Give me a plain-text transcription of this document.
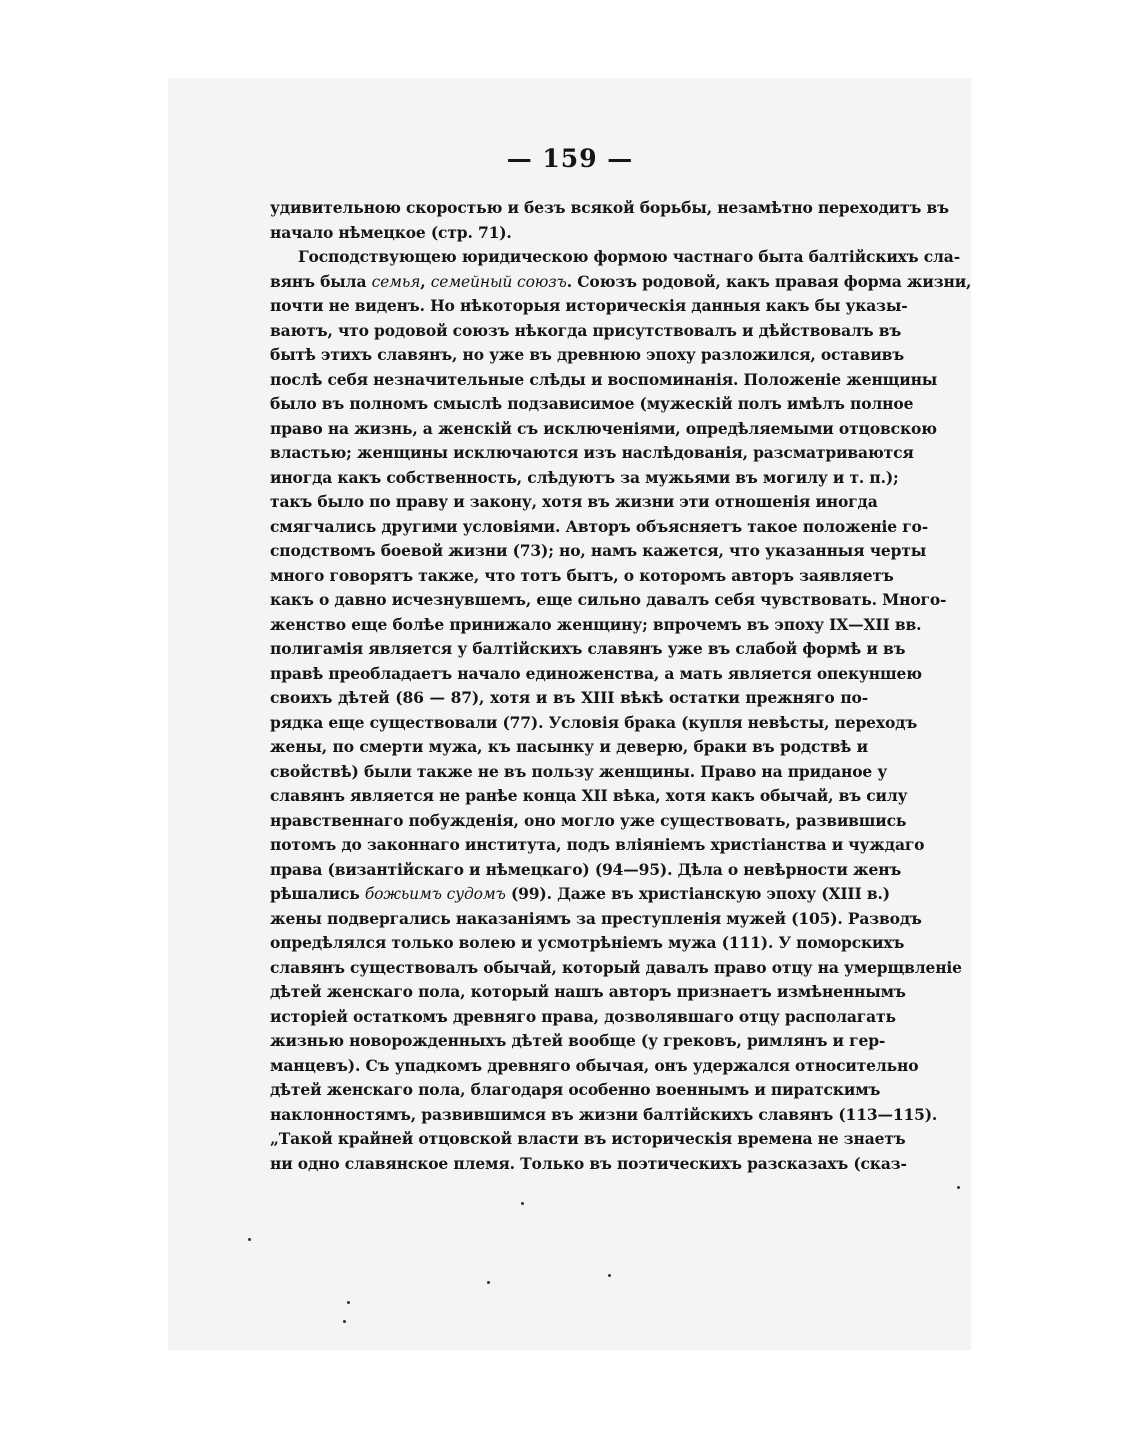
— 159 —
удивительною скоростью и безъ всякой борьбы, незамѣтно переходитъ въ
начало нѣмецкое (стр. 71).
Господствующею юридическою формою частнаго быта балтійскихъ сла-
вянъ была семья, семейный союзъ. Союзъ родовой, какъ правая форма жизни,
почти не виденъ. Но нѣкоторыя историческія данныя какъ бы указы-
ваютъ, что родовой союзъ нѣкогда присутствовалъ и дѣйствовалъ въ
бытѣ этихъ славянъ, но уже въ древнюю эпоху разложился, оставивъ
послѣ себя незначительные слѣды и воспоминанія. Положеніе женщины
было въ полномъ смыслѣ подзависимое (мужескій полъ имѣлъ полное
право на жизнь, а женскій съ исключеніями, опредѣляемыми отцовскою
властью; женщины исключаются изъ наслѣдованія, разсматриваются
иногда какъ собственность, слѣдуютъ за мужьями въ могилу и т. п.);
такъ было по праву и закону, хотя въ жизни эти отношенія иногда
смягчались другими условіями. Авторъ объясняетъ такое положеніе го-
сподствомъ боевой жизни (73); но, намъ кажется, что указанныя черты
много говорятъ также, что тотъ бытъ, о которомъ авторъ заявляетъ
какъ о давно исчезнувшемъ, еще сильно давалъ себя чувствовать. Много-
женство еще болѣе принижало женщину; впрочемъ въ эпоху IX—XII вв.
полигамія является у балтійскихъ славянъ уже въ слабой формѣ и въ
правѣ преобладаетъ начало единоженства, а мать является опекуншею
своихъ дѣтей (86 — 87), хотя и въ XIII вѣкѣ остатки прежняго по-
рядка еще существовали (77). Условія брака (купля невѣсты, переходъ
жены, по смерти мужа, къ пасынку и деверю, браки въ родствѣ и
свойствѣ) были также не въ пользу женщины. Право на приданое у
славянъ является не ранѣе конца XII вѣка, хотя какъ обычай, въ силу
нравственнаго побужденія, оно могло уже существовать, развившись
потомъ до законнаго института, подъ вліяніемъ христіанства и чуждаго
права (византійскаго и нѣмецкаго) (94—95). Дѣла о невѣрности женъ
рѣшались божьимъ судомъ (99). Даже въ христіанскую эпоху (XIII в.)
жены подвергались наказаніямъ за преступленія мужей (105). Разводъ
опредѣлялся только волею и усмотрѣніемъ мужа (111). У поморскихъ
славянъ существовалъ обычай, который давалъ право отцу на умерщвленіе
дѣтей женскаго пола, который нашъ авторъ признаетъ измѣненнымъ
исторіей остаткомъ древняго права, дозволявшаго отцу располагать
жизнью новорожденныхъ дѣтей вообще (у грековъ, римлянъ и гер-
манцевъ). Съ упадкомъ древняго обычая, онъ удержался относительно
дѣтей женскаго пола, благодаря особенно военнымъ и пиратскимъ
наклонностямъ, развившимся въ жизни балтійскихъ славянъ (113—115).
„Такой крайней отцовской власти въ историческія времена не знаетъ
ни одно славянское племя. Только въ поэтическихъ разсказахъ (сказ-
